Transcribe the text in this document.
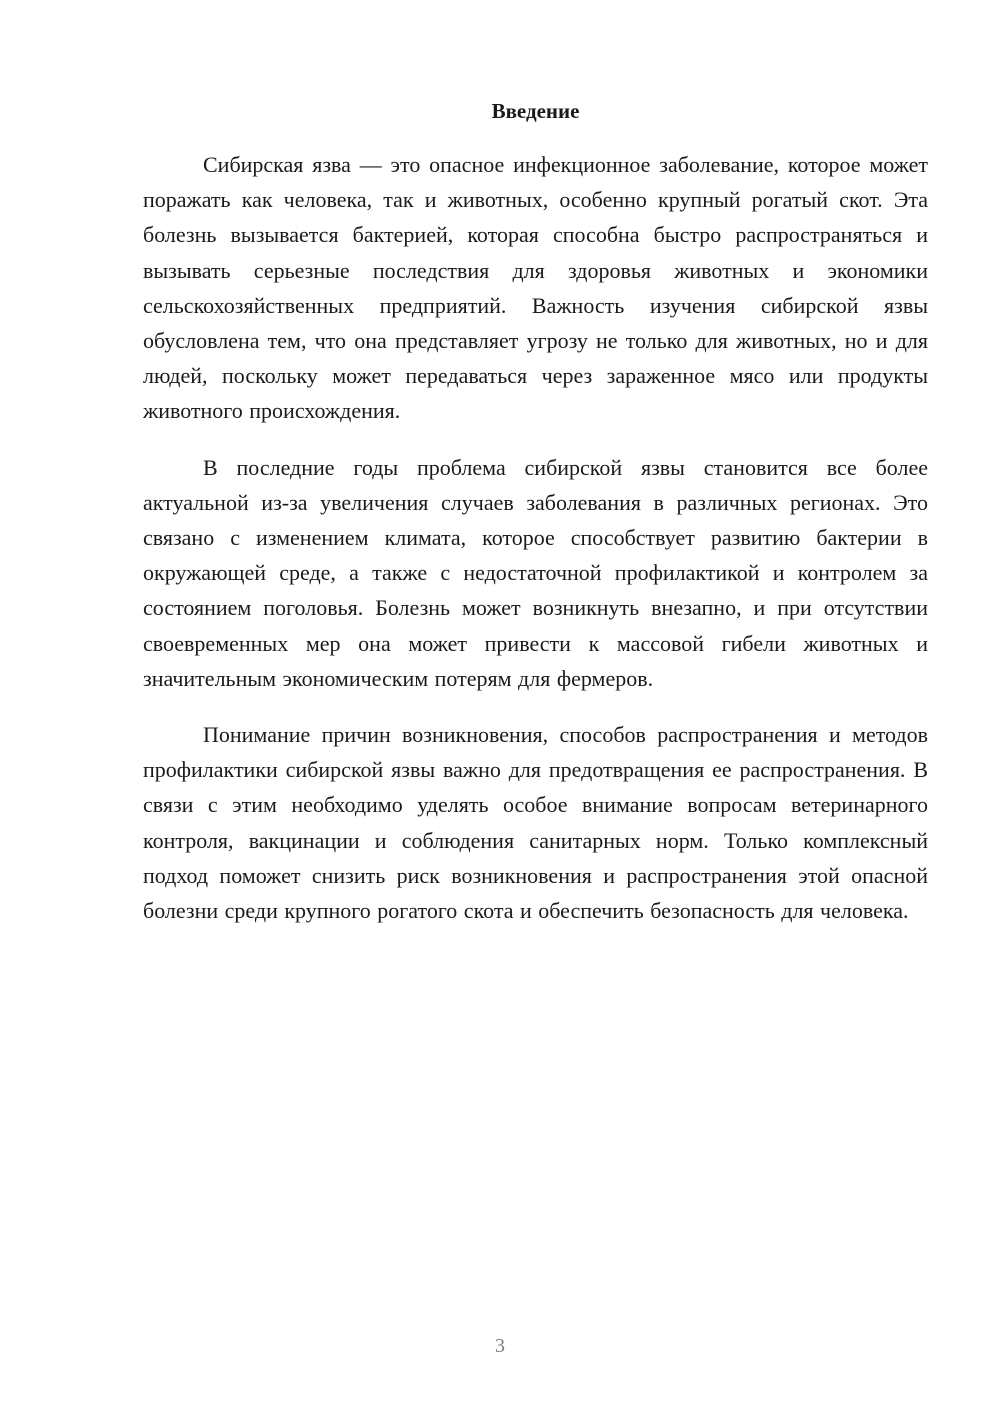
Введение

Сибирская язва — это опасное инфекционное заболевание, которое может поражать как человека, так и животных, особенно крупный рогатый скот. Эта болезнь вызывается бактерией, которая способна быстро распространяться и вызывать серьезные последствия для здоровья животных и экономики сельскохозяйственных предприятий. Важность изучения сибирской язвы обусловлена тем, что она представляет угрозу не только для животных, но и для людей, поскольку может передаваться через зараженное мясо или продукты животного происхождения.

В последние годы проблема сибирской язвы становится все более актуальной из-за увеличения случаев заболевания в различных регионах. Это связано с изменением климата, которое способствует развитию бактерии в окружающей среде, а также с недостаточной профилактикой и контролем за состоянием поголовья. Болезнь может возникнуть внезапно, и при отсутствии своевременных мер она может привести к массовой гибели животных и значительным экономическим потерям для фермеров.

Понимание причин возникновения, способов распространения и методов профилактики сибирской язвы важно для предотвращения ее распространения. В связи с этим необходимо уделять особое внимание вопросам ветеринарного контроля, вакцинации и соблюдения санитарных норм. Только комплексный подход поможет снизить риск возникновения и распространения этой опасной болезни среди крупного рогатого скота и обеспечить безопасность для человека.

3
